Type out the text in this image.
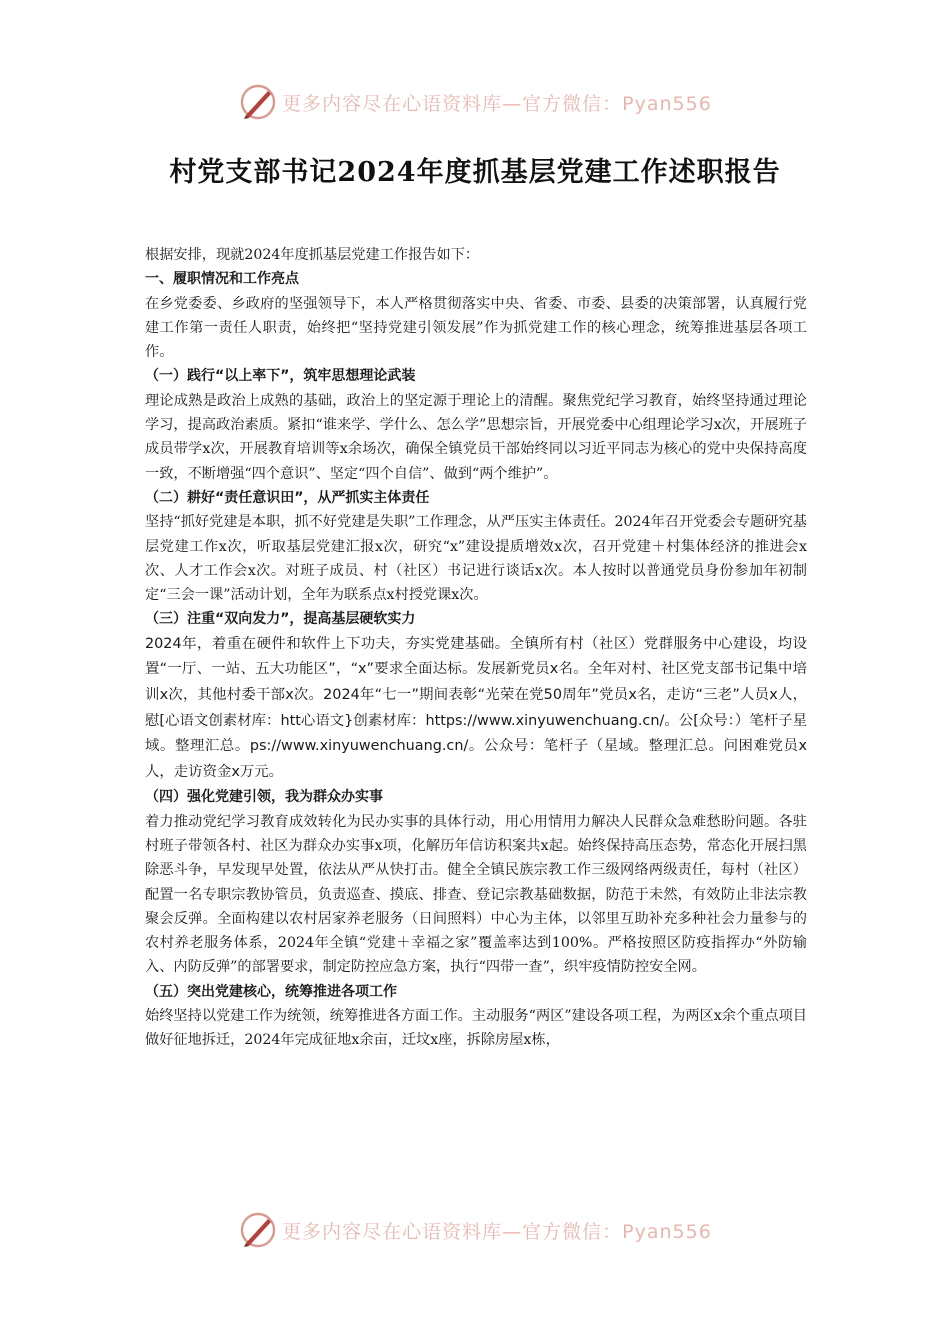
更多内容尽在心语资料库—官方微信：Pyan556
村党支部书记2024年度抓基层党建工作述职报告

根据安排，现就2024年度抓基层党建工作报告如下：

一、履职情况和工作亮点

在乡党委委、乡政府的坚强领导下，本人严格贯彻落实中央、省委、市委、县委的决策部署，认真履行党建工作第一责任人职责，始终把“坚持党建引领发展”作为抓党建工作的核心理念，统筹推进基层各项工作。

（一）践行“以上率下”，筑牢思想理论武装

理论成熟是政治上成熟的基础，政治上的坚定源于理论上的清醒。聚焦党纪学习教育，始终坚持通过理论学习，提高政治素质。紧扣“谁来学、学什么、怎么学”思想宗旨，开展党委中心组理论学习x次，开展班子成员带学x次，开展教育培训等x余场次，确保全镇党员干部始终同以习近平同志为核心的党中央保持高度一致，不断增强“四个意识”、坚定“四个自信”、做到“两个维护”。

（二）耕好“责任意识田”，从严抓实主体责任

坚持“抓好党建是本职，抓不好党建是失职”工作理念，从严压实主体责任。2024年召开党委会专题研究基层党建工作x次，听取基层党建汇报x次，研究“x”建设提质增效x次，召开党建＋村集体经济的推进会x次、人才工作会x次。对班子成员、村（社区）书记进行谈话x次。本人按时以普通党员身份参加年初制定“三会一课”活动计划，全年为联系点x村授党课x次。

（三）注重“双向发力”，提高基层硬软实力

2024年，着重在硬件和软件上下功夫，夯实党建基础。全镇所有村（社区）党群服务中心建设，均设置“一厅、一站、五大功能区”，“x”要求全面达标。发展新党员x名。全年对村、社区党支部书记集中培训x次，其他村委干部x次。2024年“七一”期间表彰“光荣在党50周年”党员x名，走访“三老”人员x人，慰[心语文创素材库：htt心语文}创素材库：https://www.xinyuwenchuang.cn/。公[众号：）笔杆子星域。整理汇总。ps://www.xinyuwenchuang.cn/。公众号：笔杆子（星域。整理汇总。问困难党员x人，走访资金x万元。

（四）强化党建引领，我为群众办实事

着力推动党纪学习教育成效转化为民办实事的具体行动，用心用情用力解决人民群众急难愁盼问题。各驻村班子带领各村、社区为群众办实事x项，化解历年信访积案共x起。始终保持高压态势，常态化开展扫黑除恶斗争，早发现早处置，依法从严从快打击。健全全镇民族宗教工作三级网络两级责任，每村（社区）配置一名专职宗教协管员，负责巡查、摸底、排查、登记宗教基础数据，防范于未然，有效防止非法宗教聚会反弹。全面构建以农村居家养老服务（日间照料）中心为主体，以邻里互助补充多种社会力量参与的农村养老服务体系，2024年全镇“党建＋幸福之家”覆盖率达到100%。严格按照区防疫指挥办“外防输入、内防反弹”的部署要求，制定防控应急方案，执行“四带一查”，织牢疫情防控安全网。

（五）突出党建核心，统筹推进各项工作

始终坚持以党建工作为统领，统筹推进各方面工作。主动服务“两区”建设各项工程，为两区x余个重点项目做好征地拆迁，2024年完成征地x余亩，迁坟x座，拆除房屋x栋，

更多内容尽在心语资料库—官方微信：Pyan556
